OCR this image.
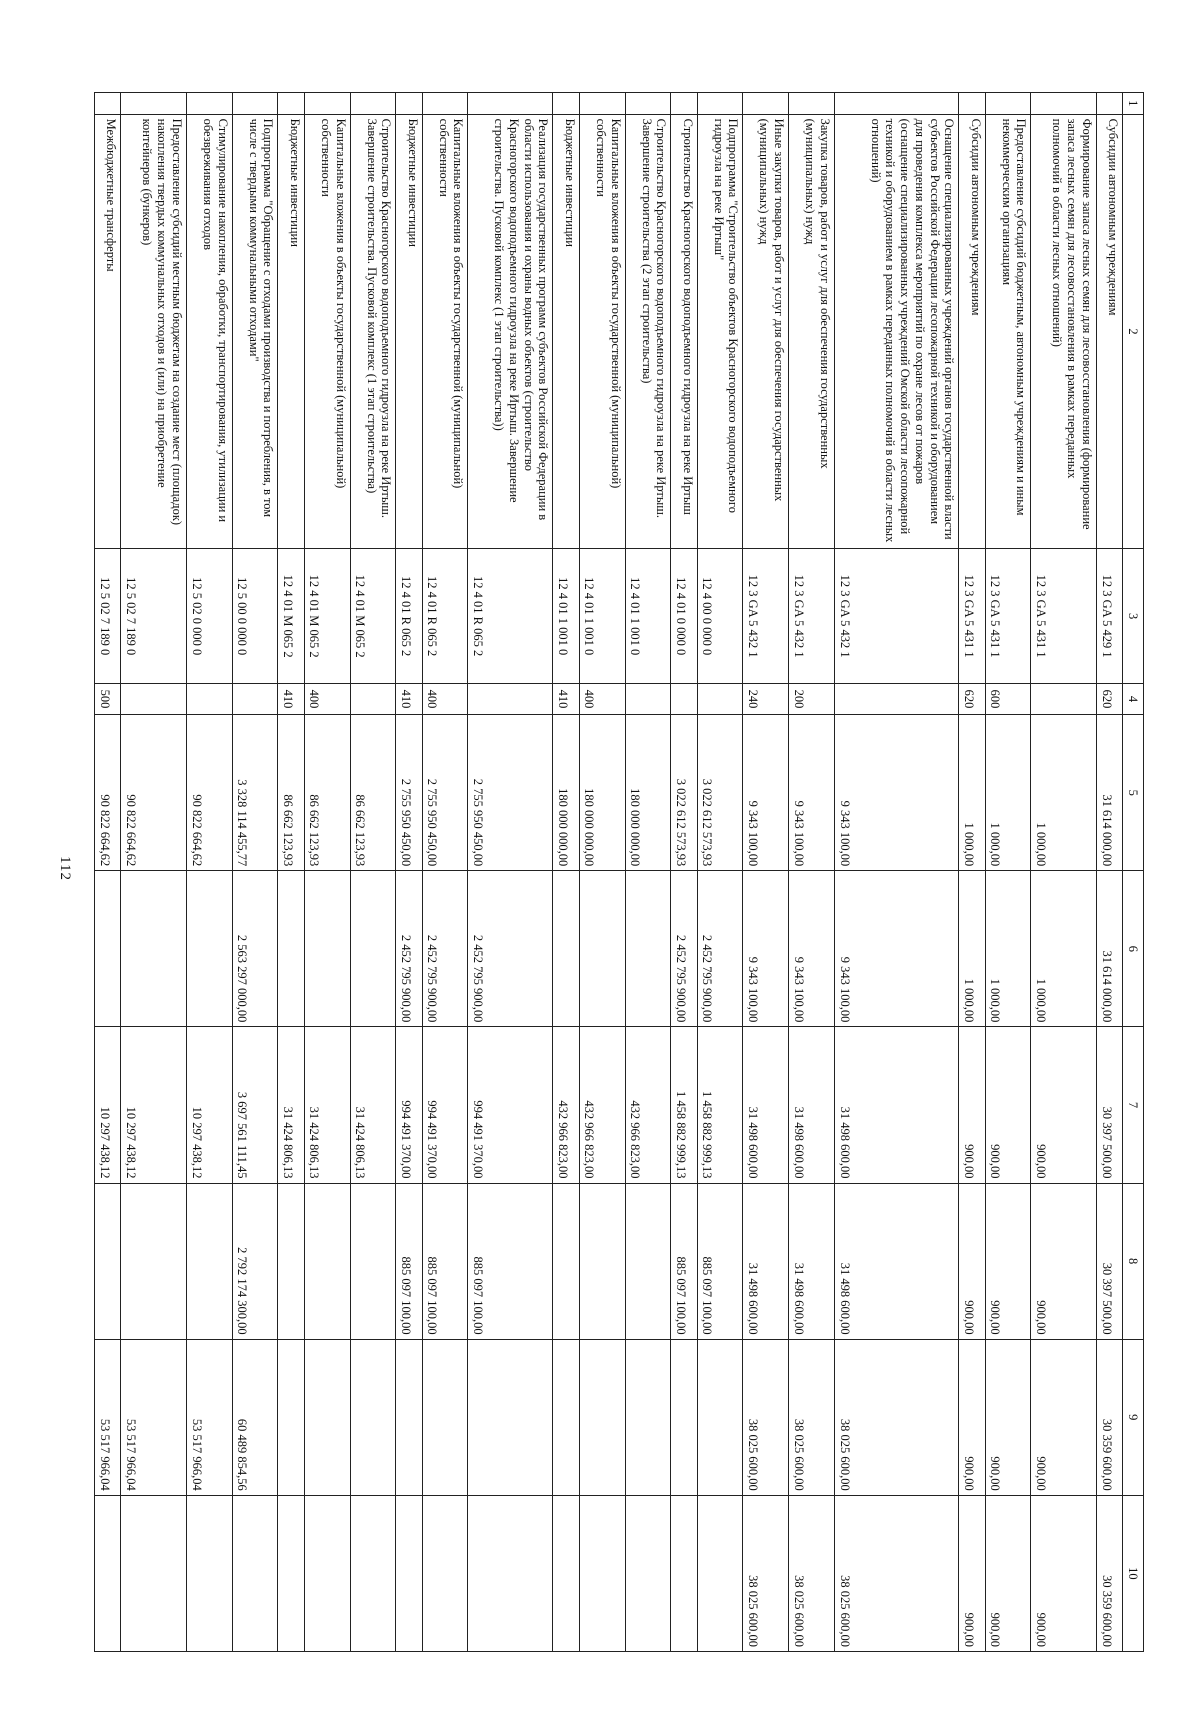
112
1	2	3	4	5	6	7	8	9	10
	Субсидии автономным учреждениям	12 3 GA 5 429 1	620	31 614 000,00	31 614 000,00	30 397 500,00	30 397 500,00	30 359 600,00	30 359 600,00
	Формирование запаса лесных семян для лесовосстановления (формирование запаса лесных семян для лесовосстановления в рамках переданных полномочий в области лесных отношений)	12 3 GA 5 431 1		1 000,00	1 000,00	900,00	900,00	900,00	900,00
	Предоставление субсидий бюджетным, автономным учреждениям и иным некоммерческим организациям	12 3 GA 5 431 1	600	1 000,00	1 000,00	900,00	900,00	900,00	900,00
	Субсидии автономным учреждениям	12 3 GA 5 431 1	620	1 000,00	1 000,00	900,00	900,00	900,00	900,00
	Оснащение специализированных учреждений органов государственной власти субъектов Российской Федерации лесопожарной техникой и оборудованием для проведения комплекса мероприятий по охране лесов от пожаров (оснащение специализированных учреждений Омской области лесопожарной техникой и оборудованием в рамках переданных полномочий в области лесных отношений)	12 3 GA 5 432 1		9 343 100,00	9 343 100,00	31 498 600,00	31 498 600,00	38 025 600,00	38 025 600,00
	Закупка товаров, работ и услуг для обеспечения государственных (муниципальных) нужд	12 3 GA 5 432 1	200	9 343 100,00	9 343 100,00	31 498 600,00	31 498 600,00	38 025 600,00	38 025 600,00
	Иные закупки товаров, работ и услуг для обеспечения государственных (муниципальных) нужд	12 3 GA 5 432 1	240	9 343 100,00	9 343 100,00	31 498 600,00	31 498 600,00	38 025 600,00	38 025 600,00
	Подпрограмма "Строительство объектов Красногорского водоподъемного гидроузла на реке Иртыш"	12 4 00 0 000 0		3 022 612 573,93	2 452 795 900,00	1 458 882 999,13	885 097 100,00		
	Строительство Красногорского водоподъемного гидроузла на реке Иртыш	12 4 01 0 000 0		3 022 612 573,93	2 452 795 900,00	1 458 882 999,13	885 097 100,00		
	Строительство Красногорского водоподъемного гидроузла на реке Иртыш. Завершение строительства (2 этап строительства)	12 4 01 1 001 0		180 000 000,00		432 966 823,00			
	Капитальные вложения в объекты государственной (муниципальной) собственности	12 4 01 1 001 0	400	180 000 000,00		432 966 823,00			
	Бюджетные инвестиции	12 4 01 1 001 0	410	180 000 000,00		432 966 823,00			
	Реализация государственных программ субъектов Российской Федерации в области использования и охраны водных объектов (строительство Красногорского водоподъемного гидроузла на реке Иртыш. Завершение строительства. Пусковой комплекс (1 этап строительства))	12 4 01 R 065 2		2 755 950 450,00	2 452 795 900,00	994 491 370,00	885 097 100,00		
	Капитальные вложения в объекты государственной (муниципальной) собственности	12 4 01 R 065 2	400	2 755 950 450,00	2 452 795 900,00	994 491 370,00	885 097 100,00		
	Бюджетные инвестиции	12 4 01 R 065 2	410	2 755 950 450,00	2 452 795 900,00	994 491 370,00	885 097 100,00		
	Строительство Красногорского водоподъемного гидроузла на реке Иртыш. Завершение строительства. Пусковой комплекс (1 этап строительства)	12 4 01 M 065 2		86 662 123,93		31 424 806,13			
	Капитальные вложения в объекты государственной (муниципальной) собственности	12 4 01 M 065 2	400	86 662 123,93		31 424 806,13			
	Бюджетные инвестиции	12 4 01 M 065 2	410	86 662 123,93		31 424 806,13			
	Подпрограмма "Обращение с отходами производства и потребления, в том числе с твердыми коммунальными отходами"	12 5 00 0 000 0		3 328 114 455,77	2 563 297 000,00	3 697 561 111,45	2 792 174 300,00	60 489 854,56	
	Стимулирование накопления, обработки, транспортирования, утилизации и обезвреживания отходов	12 5 02 0 000 0		90 822 664,62		10 297 438,12		53 517 966,04	
	Предоставление субсидий местным бюджетам на создание мест (площадок) накопления твердых коммунальных отходов и (или) на приобретение контейнеров (бункеров)	12 5 02 7 189 0		90 822 664,62		10 297 438,12		53 517 966,04	
	Межбюджетные трансферты	12 5 02 7 189 0	500	90 822 664,62		10 297 438,12		53 517 966,04	
